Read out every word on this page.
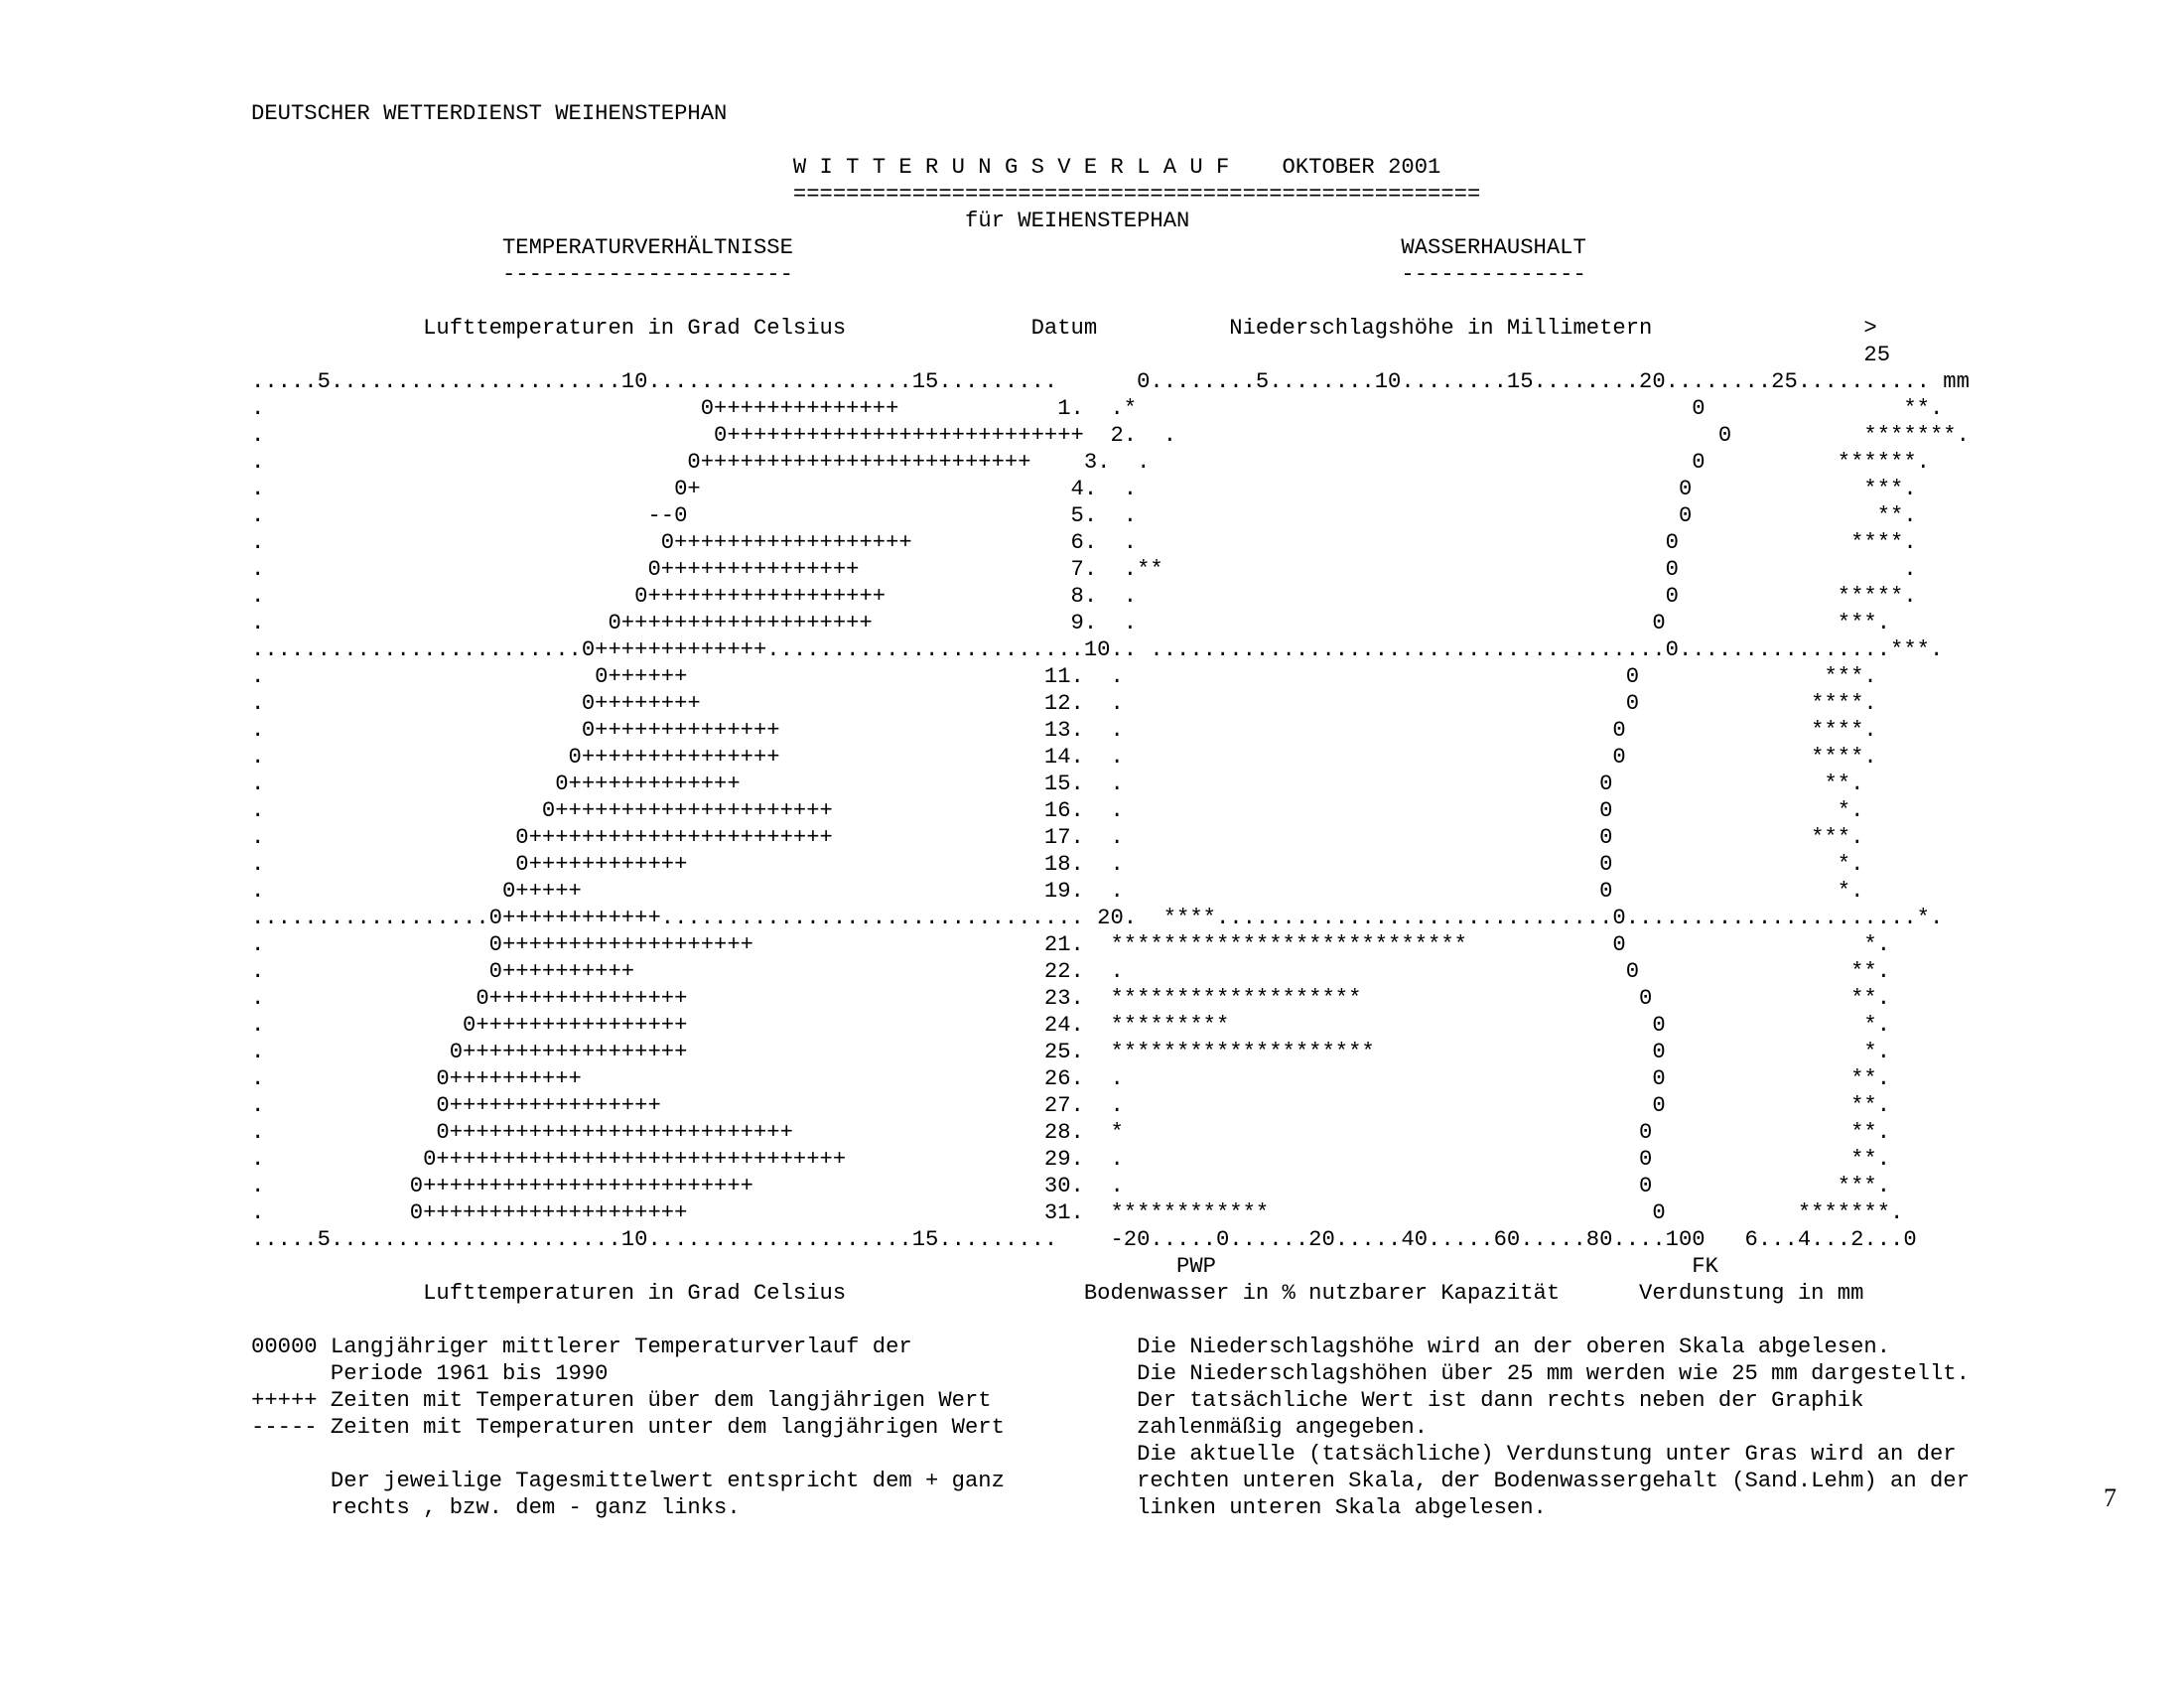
DEUTSCHER WETTERDIENST WEIHENSTEPHAN
W I T T E R U N G S V E R L A U F    OKTOBER 2001
====================================================
für WEIHENSTEPHAN
TEMPERATURVERHÄLTNISSE	WASSERHAUSHALT
----------------------	--------------
Lufttemperaturen in Grad Celsius              Datum          Niederschlagshöhe in Millimetern                >
25
.....5......................10....................15.........      0........5........10........15........20........25.......... mm
.                                 0++++++++++++++            1.  .*                                          0               **.
.                                  0+++++++++++++++++++++++++++  2.  .                                         0          *******.
.                                0+++++++++++++++++++++++++    3.  .                                         0          ******.
.                               0+                            4.  .                                         0             ***.
.                             --0                             5.  .                                         0              **.
.                              0++++++++++++++++++            6.  .                                        0             ****.
.                             0+++++++++++++++                7.  .**                                      0                 .
.                            0++++++++++++++++++              8.  .                                        0            *****.
.                          0+++++++++++++++++++               9.  .                                       0             ***.
.........................0+++++++++++++........................10.. .......................................0................***.
.                         0++++++                           11.  .                                      0              ***.
.                        0++++++++                          12.  .                                      0             ****.
.                        0++++++++++++++                    13.  .                                     0              ****.
.                       0+++++++++++++++                    14.  .                                     0              ****.
.                      0+++++++++++++                       15.  .                                    0                **.
.                     0+++++++++++++++++++++                16.  .                                    0                 *.
.                   0+++++++++++++++++++++++                17.  .                                    0               ***.
.                   0++++++++++++                           18.  .                                    0                 *.
.                  0+++++                                   19.  .                                    0                 *.
..................0++++++++++++................................ 20.  ****..............................0......................*.
.                 0+++++++++++++++++++                      21.  ***************************           0                  *.
.                 0++++++++++                               22.  .                                      0                **.
.                0+++++++++++++++                           23.  *******************                     0               **.
.               0++++++++++++++++                           24.  *********                                0               *.
.              0+++++++++++++++++                           25.  ********************                     0               *.
.             0++++++++++                                   26.  .                                        0              **.
.             0++++++++++++++++                             27.  .                                        0              **.
.             0++++++++++++++++++++++++++                   28.  *                                       0               **.
.            0+++++++++++++++++++++++++++++++               29.  .                                       0               **.
.           0+++++++++++++++++++++++++                      30.  .                                       0              ***.
.           0++++++++++++++++++++                           31.  ************                             0          *******.
.....5......................10....................15.........    -20.....0......20.....40.....60.....80....100   6...4...2...0
PWP                                    FK
Lufttemperaturen in Grad Celsius                  Bodenwasser in % nutzbarer Kapazität      Verdunstung in mm
00000 Langjähriger mittlerer Temperaturverlauf der                 Die Niederschlagshöhe wird an der oberen Skala abgelesen.
Periode 1961 bis 1990                                        Die Niederschlagshöhen über 25 mm werden wie 25 mm dargestellt.
+++++ Zeiten mit Temperaturen über dem langjährigen Wert           Der tatsächliche Wert ist dann rechts neben der Graphik
----- Zeiten mit Temperaturen unter dem langjährigen Wert          zahlenmäßig angegeben.
Die aktuelle (tatsächliche) Verdunstung unter Gras wird an der
Der jeweilige Tagesmittelwert entspricht dem + ganz          rechten unteren Skala, der Bodenwassergehalt (Sand.Lehm) an der
rechts , bzw. dem - ganz links.                              linken unteren Skala abgelesen.	7
